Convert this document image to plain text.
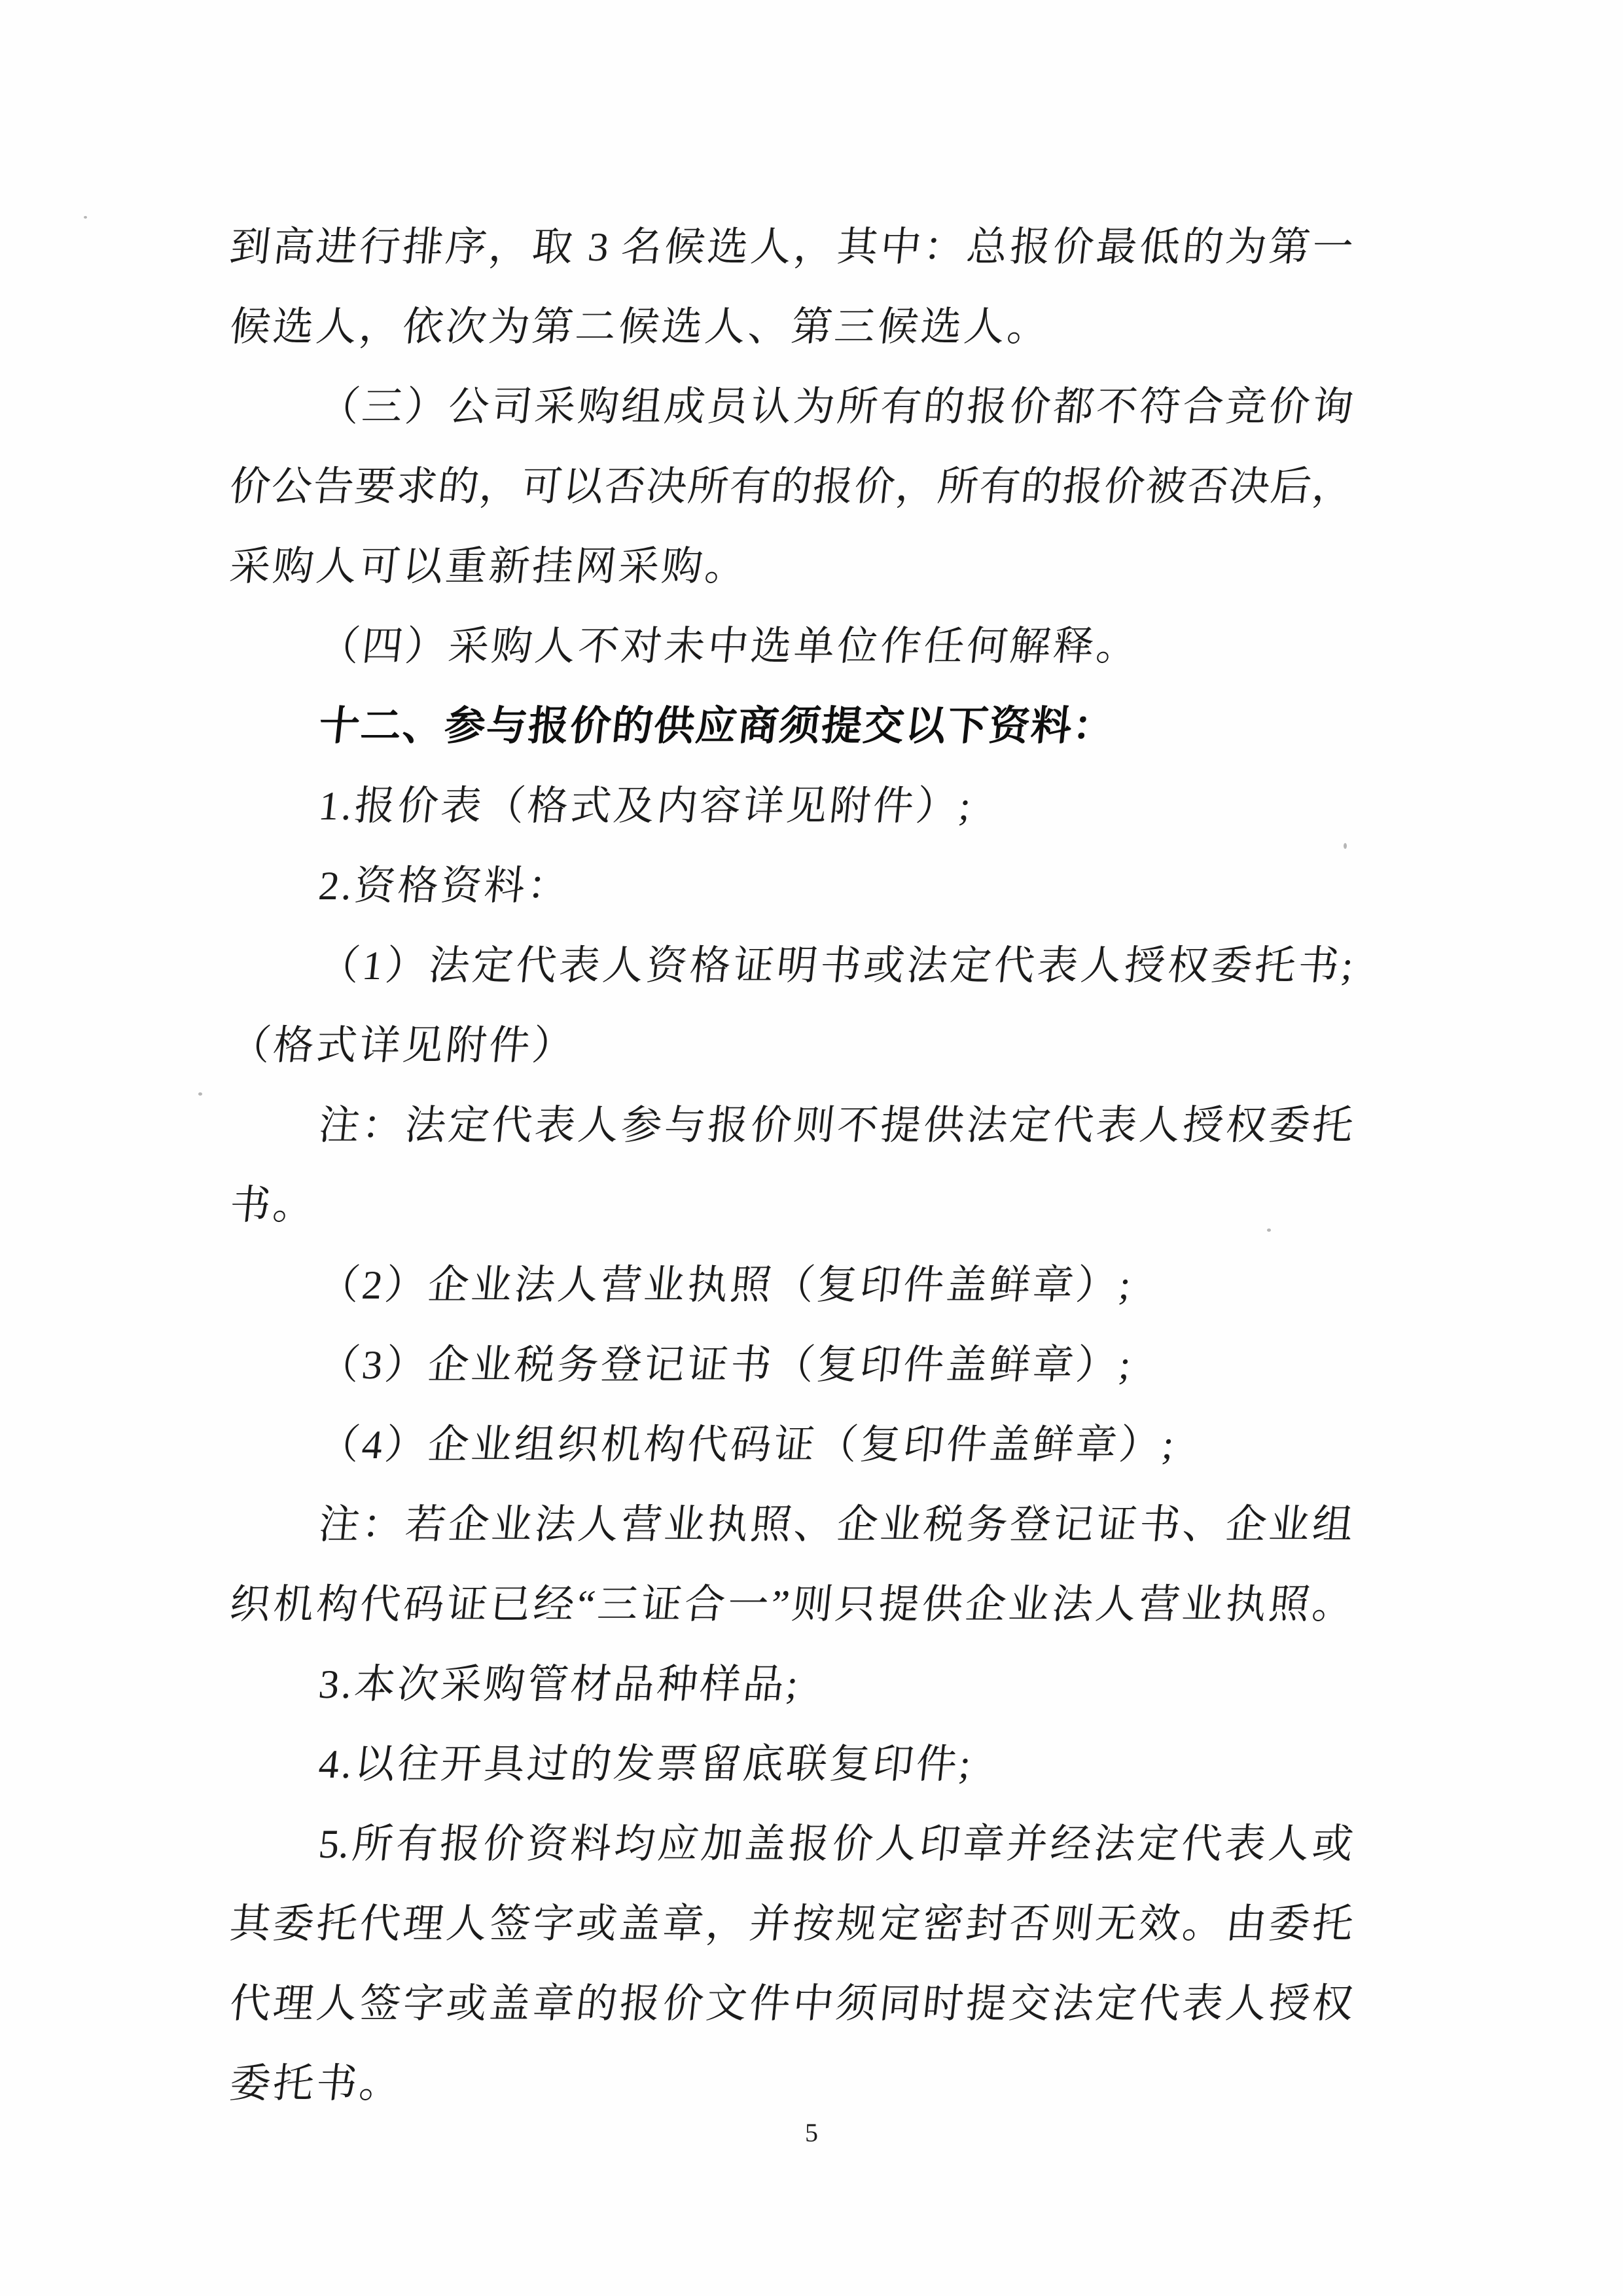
到高进行排序，取 3 名候选人，其中：总报价最低的为第一
候选人，依次为第二候选人、第三候选人。
（三）公司采购组成员认为所有的报价都不符合竞价询
价公告要求的，可以否决所有的报价，所有的报价被否决后，
采购人可以重新挂网采购。
（四）采购人不对未中选单位作任何解释。
十二、参与报价的供应商须提交以下资料：
1.报价表（格式及内容详见附件）;
2.资格资料：
（1）法定代表人资格证明书或法定代表人授权委托书;
（格式详见附件）
注：法定代表人参与报价则不提供法定代表人授权委托
书。
（2）企业法人营业执照（复印件盖鲜章）;
（3）企业税务登记证书（复印件盖鲜章）;
（4）企业组织机构代码证（复印件盖鲜章）;
注：若企业法人营业执照、企业税务登记证书、企业组
织机构代码证已经“三证合一”则只提供企业法人营业执照。
3.本次采购管材品种样品;
4.以往开具过的发票留底联复印件;
5.所有报价资料均应加盖报价人印章并经法定代表人或
其委托代理人签字或盖章，并按规定密封否则无效。由委托
代理人签字或盖章的报价文件中须同时提交法定代表人授权
委托书。
5
